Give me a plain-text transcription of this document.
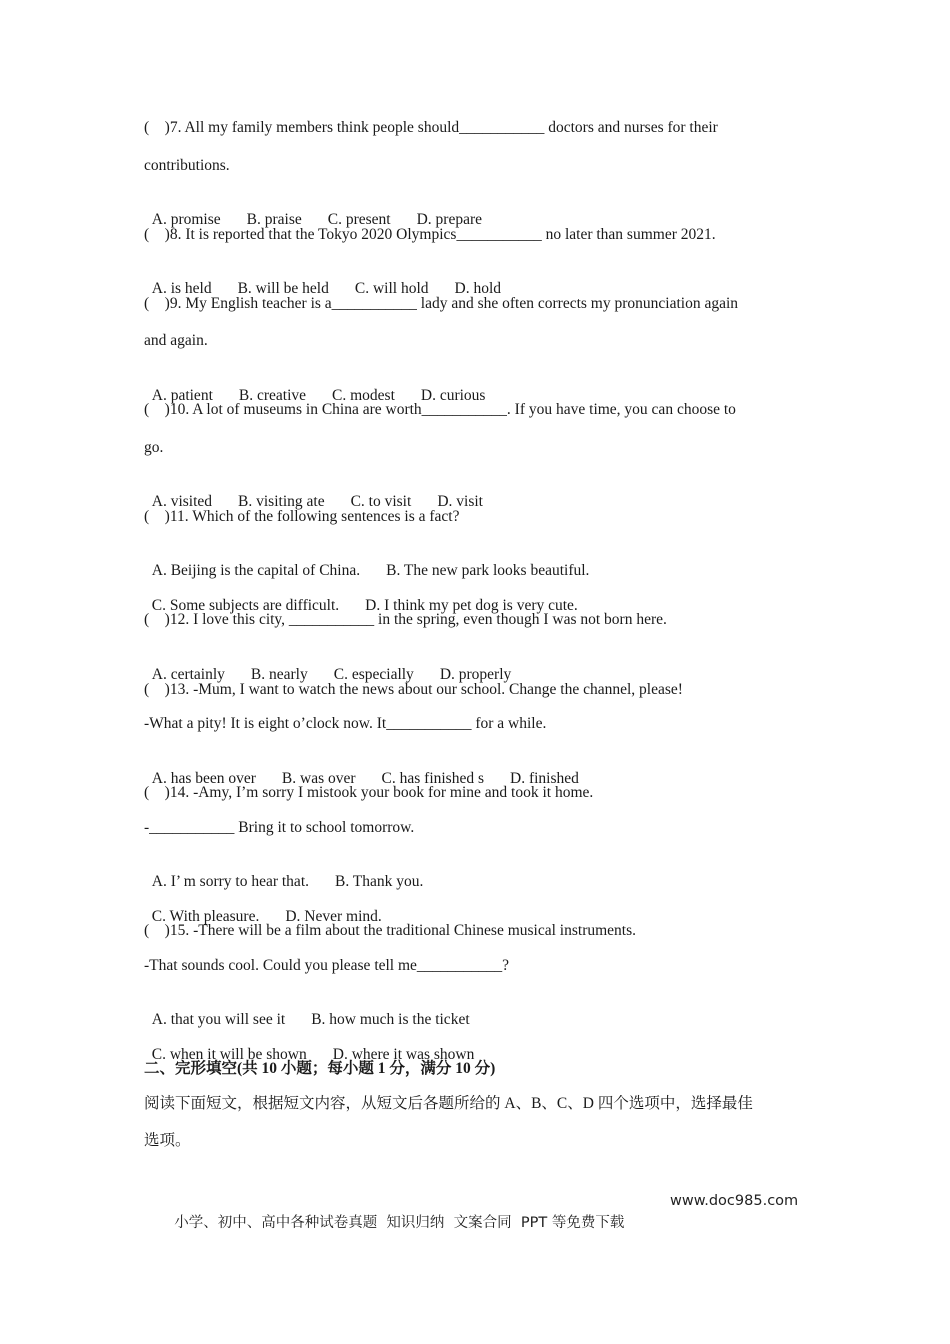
(    )7. All my family members think people should___________ doctors and nurses for their
contributions.

A. promise B. praise C. present D. prepare

(    )8. It is reported that the Tokyo 2020 Olympics___________ no later than summer 2021.

A. is held B. will be held C. will hold D. hold

(    )9. My English teacher is a___________ lady and she often corrects my pronunciation again
and again.

A. patient B. creative C. modest D. curious

(    )10. A lot of museums in China are worth___________. If you have time, you can choose to
go.

A. visited B. visiting ate C. to visit D. visit

(    )11. Which of the following sentences is a fact?

A. Beijing is the capital of China. B. The new park looks beautiful.

C. Some subjects are difficult. D. I think my pet dog is very cute.

(    )12. I love this city, ___________ in the spring, even though I was not born here.

A. certainly B. nearly C. especially D. properly

(    )13. -Mum, I want to watch the news about our school. Change the channel, please!
-What a pity! It is eight o’clock now. It___________ for a while.

A. has been over B. was over C. has finished s D. finished

(    )14. -Amy, I’m sorry I mistook your book for mine and took it home.
-___________ Bring it to school tomorrow.

A. I’ m sorry to hear that. B. Thank you.

C. With pleasure. D. Never mind.

(    )15. -There will be a film about the traditional Chinese musical instruments.
-That sounds cool. Could you please tell me___________?

A. that you will see it B. how much is the ticket

C. when it will be shown D. where it was shown

二、完形填空(共 10 小题；每小题 1 分，满分 10 分)
阅读下面短文，根据短文内容，从短文后各题所给的 A、B、C、D 四个选项中，选择最佳
选项。

小学、初中、高中各种试卷真题  知识归纳  文案合同  PPT 等免费下载

www.doc985.com
